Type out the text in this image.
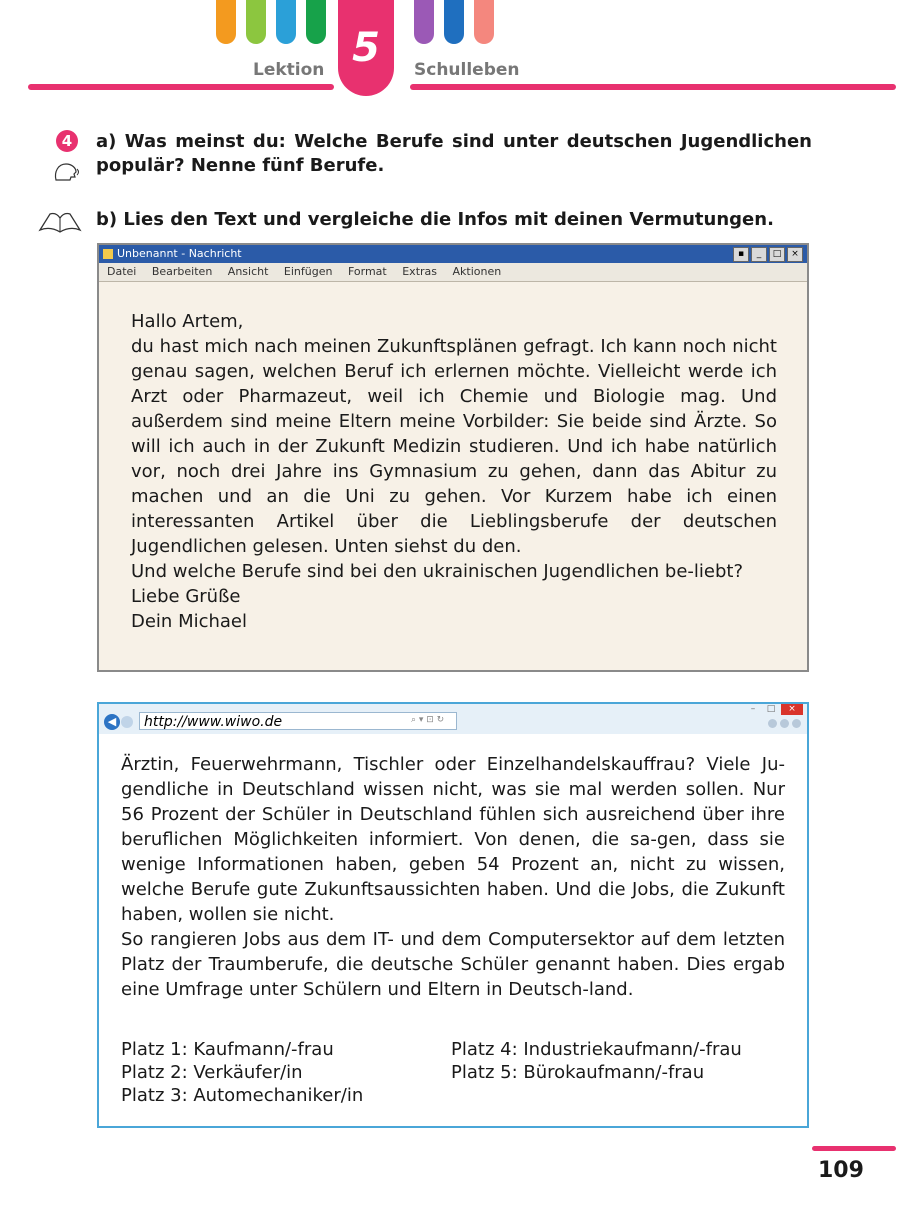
Lektion 5	Schulleben
4	a) Was meinst du: Welche Berufe sind unter deutschen Jugendlichen populär? Nenne fünf Berufe.
b) Lies den Text und vergleiche die Infos mit deinen Vermutungen.
Unbenannt - Nachricht	▪	_	□	×
Datei Bearbeiten Ansicht Einfügen Format Extras Aktionen
Hallo Artem,
du hast mich nach meinen Zukunftsplänen gefragt. Ich kann noch nicht genau sagen, welchen Beruf ich erlernen möchte. Vielleicht werde ich Arzt oder Pharmazeut, weil ich Chemie und Biologie mag. Und außerdem sind meine Eltern meine Vorbilder: Sie beide sind Ärzte. So will ich auch in der Zukunft Medizin studieren. Und ich habe natürlich vor, noch drei Jahre ins Gymnasium zu gehen, dann das Abitur zu machen und an die Uni zu gehen. Vor Kurzem habe ich einen interessanten Artikel über die Lieblingsberufe der deutschen Jugendlichen gelesen. Unten siehst du den.
Und welche Berufe sind bei den ukrainischen Jugendlichen be-liebt?
Liebe Grüße
Dein Michael
◀	http://www.wiwo.de	⌕ ▾ ⊡ ↻
–	□	×
Ärztin, Feuerwehrmann, Tischler oder Einzelhandelskauffrau? Viele Ju-gendliche in Deutschland wissen nicht, was sie mal werden sollen. Nur 56 Prozent der Schüler in Deutschland fühlen sich ausreichend über ihre beruflichen Möglichkeiten informiert. Von denen, die sa-gen, dass sie wenige Informationen haben, geben 54 Prozent an, nicht zu wissen, welche Berufe gute Zukunftsaussichten haben. Und die Jobs, die Zukunft haben, wollen sie nicht.
So rangieren Jobs aus dem IT- und dem Computersektor auf dem letzten Platz der Traumberufe, die deutsche Schüler genannt haben. Dies ergab eine Umfrage unter Schülern und Eltern in Deutsch-land.
Platz 1: Kaufmann/-frau	Platz 4: Industriekaufmann/-frau
Platz 2: Verkäufer/in	Platz 5: Bürokaufmann/-frau
Platz 3: Automechaniker/in
109
